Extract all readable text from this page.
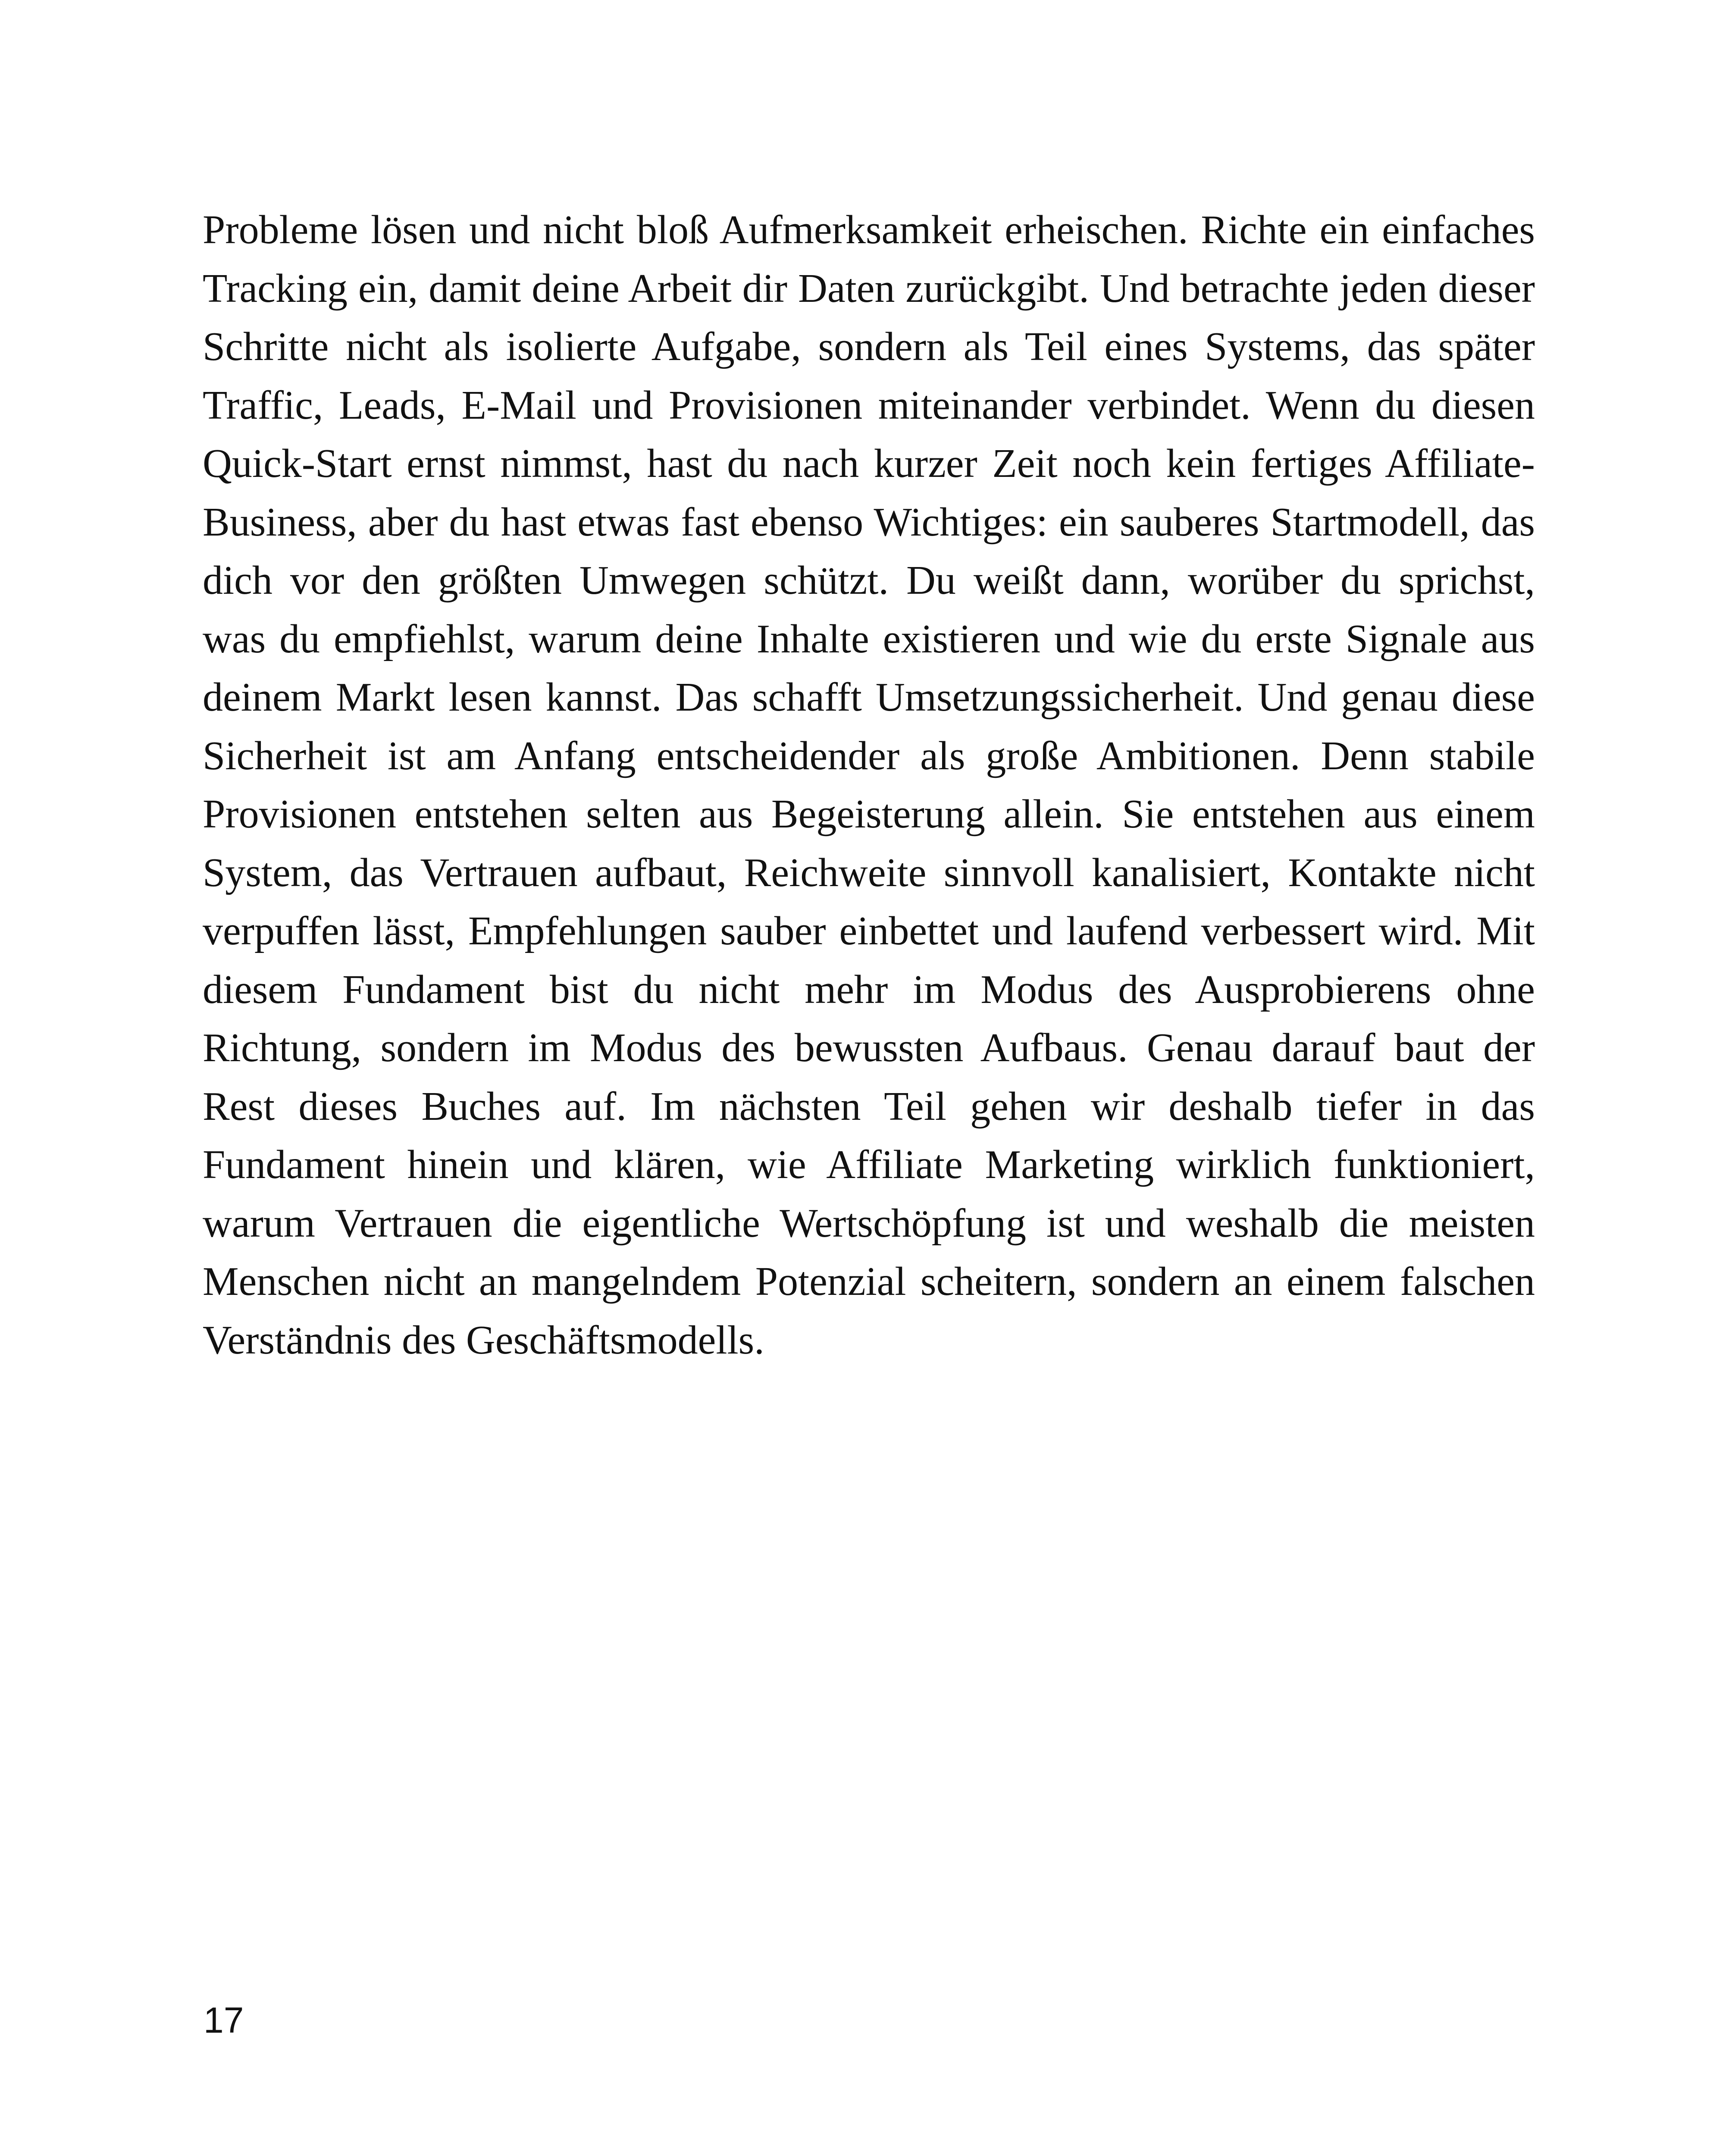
Probleme lösen und nicht bloß Aufmerksamkeit erheischen. Richte ein einfaches
Tracking ein, damit deine Arbeit dir Daten zurückgibt. Und betrachte jeden dieser
Schritte nicht als isolierte Aufgabe, sondern als Teil eines Systems, das später
Traffic, Leads, E-Mail und Provisionen miteinander verbindet. Wenn du diesen
Quick-Start ernst nimmst, hast du nach kurzer Zeit noch kein fertiges Affiliate-
Business, aber du hast etwas fast ebenso Wichtiges: ein sauberes Startmodell, das
dich vor den größten Umwegen schützt. Du weißt dann, worüber du sprichst,
was du empfiehlst, warum deine Inhalte existieren und wie du erste Signale aus
deinem Markt lesen kannst. Das schafft Umsetzungssicherheit. Und genau diese
Sicherheit ist am Anfang entscheidender als große Ambitionen. Denn stabile
Provisionen entstehen selten aus Begeisterung allein. Sie entstehen aus einem
System, das Vertrauen aufbaut, Reichweite sinnvoll kanalisiert, Kontakte nicht
verpuffen lässt, Empfehlungen sauber einbettet und laufend verbessert wird. Mit
diesem Fundament bist du nicht mehr im Modus des Ausprobierens ohne
Richtung, sondern im Modus des bewussten Aufbaus. Genau darauf baut der
Rest dieses Buches auf. Im nächsten Teil gehen wir deshalb tiefer in das
Fundament hinein und klären, wie Affiliate Marketing wirklich funktioniert,
warum Vertrauen die eigentliche Wertschöpfung ist und weshalb die meisten
Menschen nicht an mangelndem Potenzial scheitern, sondern an einem falschen
Verständnis des Geschäftsmodells.
17
